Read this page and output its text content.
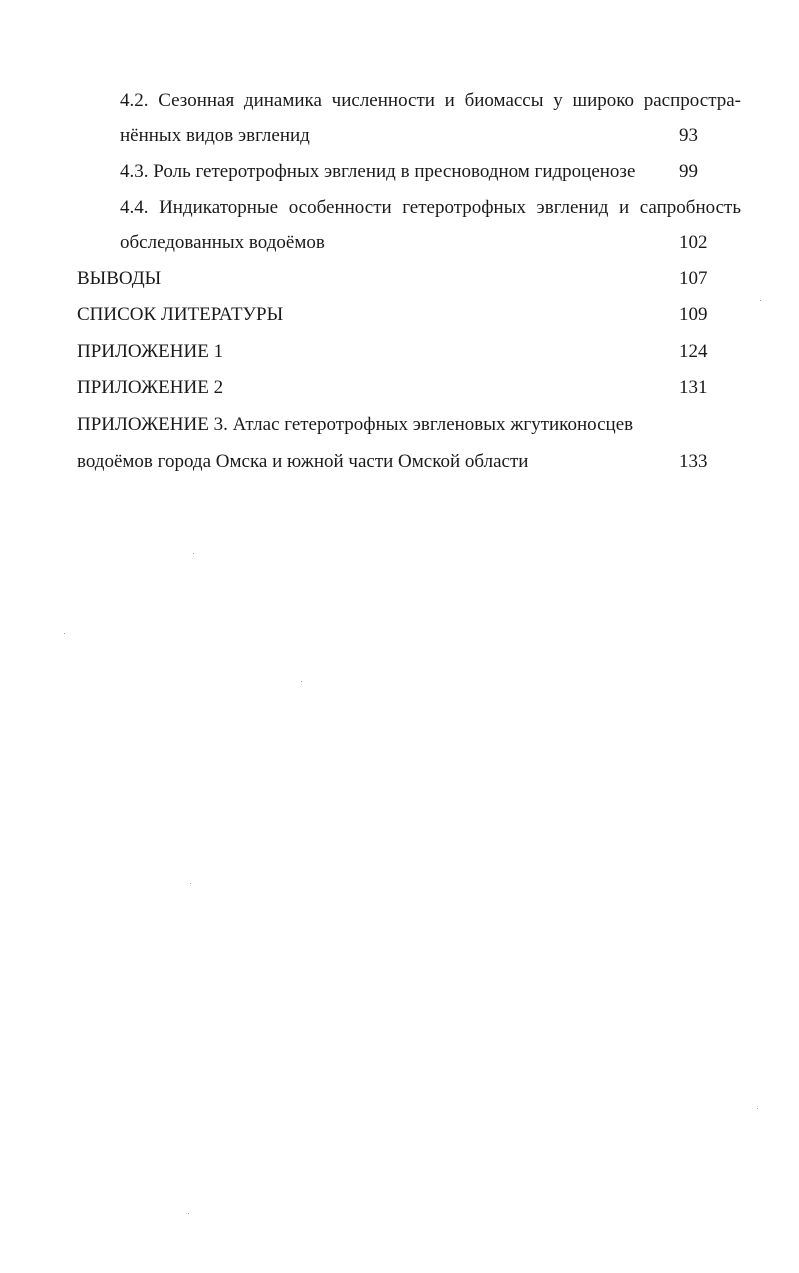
4.2. Сезонная динамика численности и биомассы у широко распростра-
нённых видов эвгленид	93
4.3. Роль гетеротрофных эвгленид в пресноводном гидроценозе 99
4.4. Индикаторные особенности гетеротрофных эвгленид и сапробность
обследованных водоёмов	102
ВЫВОДЫ	107
СПИСОК ЛИТЕРАТУРЫ	109
ПРИЛОЖЕНИЕ 1	124
ПРИЛОЖЕНИЕ 2	131
ПРИЛОЖЕНИЕ 3. Атлас гетеротрофных эвгленовых жгутиконосцев
водоёмов города Омска и южной части Омской области	133
